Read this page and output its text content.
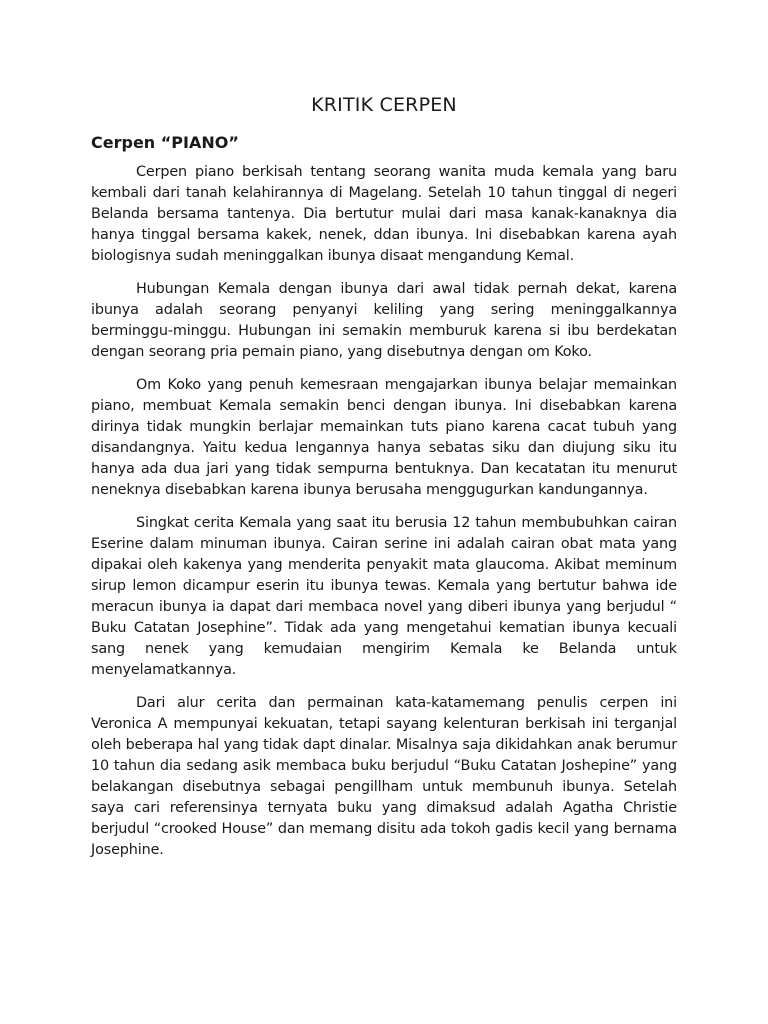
KRITIK CERPEN
Cerpen “PIANO”

Cerpen piano berkisah tentang seorang wanita muda kemala yang baru kembali dari tanah kelahirannya di Magelang. Setelah 10 tahun tinggal di negeri Belanda bersama tantenya. Dia bertutur mulai dari masa kanak-kanaknya dia hanya tinggal bersama kakek, nenek, ddan ibunya. Ini disebabkan karena ayah biologisnya sudah meninggalkan ibunya disaat mengandung Kemal.

Hubungan Kemala dengan ibunya dari awal tidak pernah dekat, karena ibunya adalah seorang penyanyi keliling yang sering meninggalkannya berminggu-minggu. Hubungan ini semakin memburuk karena si ibu berdekatan dengan seorang pria pemain piano, yang disebutnya dengan om Koko.

Om Koko yang penuh kemesraan mengajarkan ibunya belajar memainkan piano, membuat Kemala semakin benci dengan ibunya. Ini disebabkan karena dirinya tidak mungkin berlajar memainkan tuts piano karena cacat tubuh yang disandangnya. Yaitu kedua lengannya hanya sebatas siku dan diujung siku itu hanya ada dua jari yang tidak sempurna bentuknya. Dan kecatatan itu menurut neneknya disebabkan karena ibunya berusaha menggugurkan kandungannya.

Singkat cerita Kemala yang saat itu berusia 12 tahun membubuhkan cairan Eserine dalam minuman ibunya. Cairan serine ini adalah cairan obat mata yang dipakai oleh kakenya yang menderita penyakit mata glaucoma. Akibat meminum sirup lemon dicampur eserin itu ibunya tewas. Kemala yang bertutur bahwa ide meracun ibunya ia dapat dari membaca novel yang diberi ibunya yang berjudul “ Buku Catatan Josephine”. Tidak ada yang mengetahui kematian ibunya kecuali sang nenek yang kemudaian mengirim Kemala ke Belanda untuk menyelamatkannya.

Dari alur cerita dan permainan kata-katamemang penulis cerpen ini Veronica A mempunyai kekuatan, tetapi sayang kelenturan berkisah ini terganjal oleh beberapa hal yang tidak dapt dinalar. Misalnya saja dikidahkan anak berumur 10 tahun dia sedang asik membaca buku berjudul “Buku Catatan Joshepine” yang belakangan disebutnya sebagai pengillham untuk membunuh ibunya. Setelah saya cari referensinya ternyata buku yang dimaksud adalah Agatha Christie berjudul “crooked House” dan memang disitu ada tokoh gadis kecil yang bernama Josephine.
